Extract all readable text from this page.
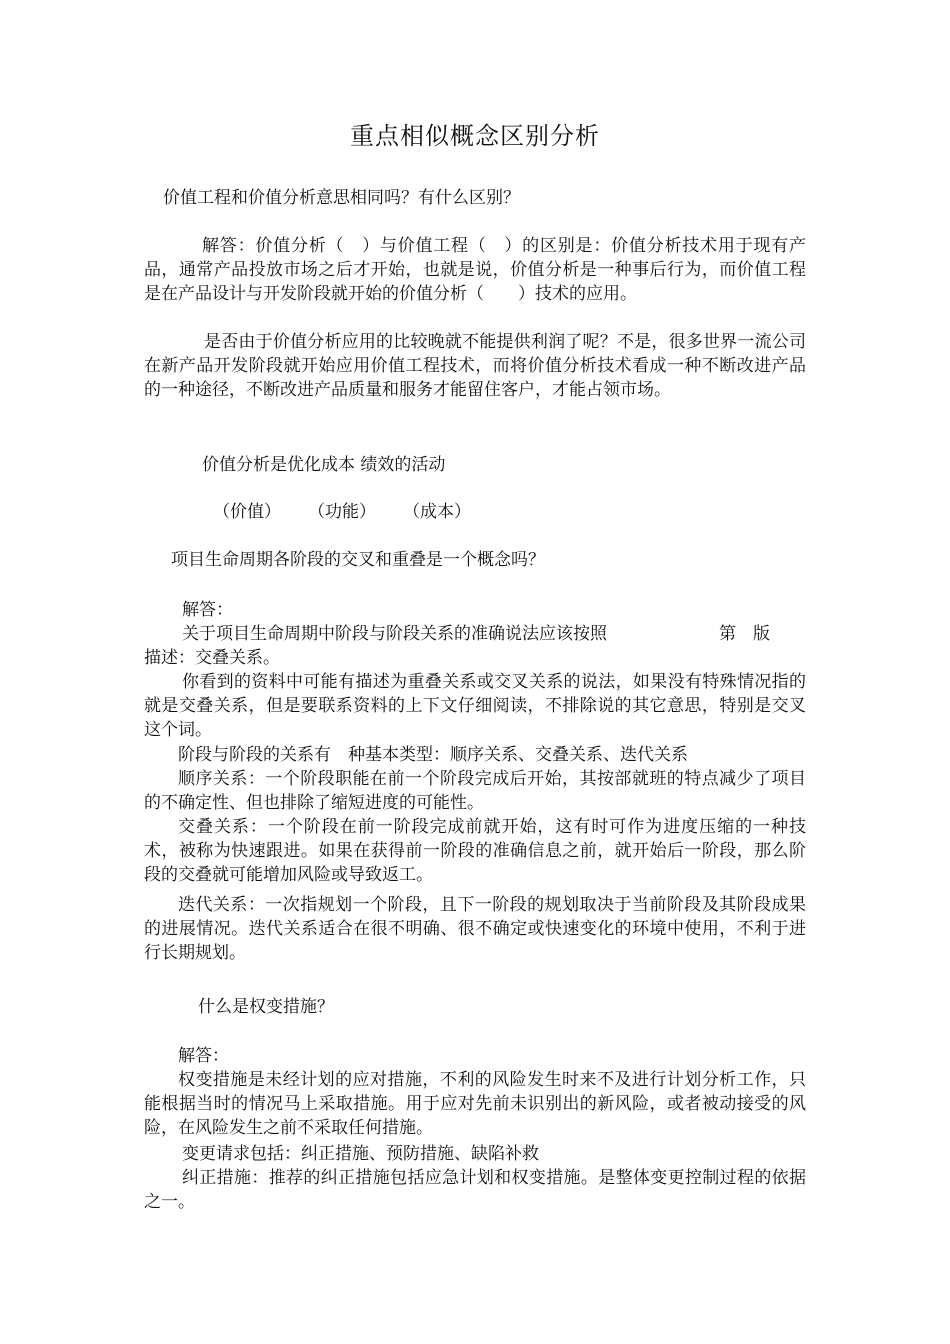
重点相似概念区别分析
价值工程和价值分析意思相同吗？有什么区别？
解答：价值分析（　）与价值工程（　）的区别是：价值分析技术用于现有产品，通常产品投放市场之后才开始，也就是说，价值分析是一种事后行为，而价值工程是在产品设计与开发阶段就开始的价值分析（　　）技术的应用。
是否由于价值分析应用的比较晚就不能提供利润了呢？不是，很多世界一流公司在新产品开发阶段就开始应用价值工程技术，而将价值分析技术看成一种不断改进产品的一种途径，不断改进产品质量和服务才能留住客户，才能占领市场。
价值分析是优化成本 绩效的活动
（价值） （功能） （成本）
项目生命周期各阶段的交叉和重叠是一个概念吗？
解答：
关于项目生命周期中阶段与阶段关系的准确说法应该按照	第　版
描述：交叠关系。
你看到的资料中可能有描述为重叠关系或交叉关系的说法，如果没有特殊情况指的就是交叠关系，但是要联系资料的上下文仔细阅读，不排除说的其它意思，特别是交叉这个词。
阶段与阶段的关系有　种基本类型：顺序关系、交叠关系、迭代关系
顺序关系：一个阶段职能在前一个阶段完成后开始，其按部就班的特点减少了项目的不确定性、但也排除了缩短进度的可能性。
交叠关系：一个阶段在前一阶段完成前就开始，这有时可作为进度压缩的一种技术，被称为快速跟进。如果在获得前一阶段的准确信息之前，就开始后一阶段，那么阶段的交叠就可能增加风险或导致返工。
迭代关系：一次指规划一个阶段，且下一阶段的规划取决于当前阶段及其阶段成果的进展情况。迭代关系适合在很不明确、很不确定或快速变化的环境中使用，不利于进行长期规划。
什么是权变措施？
解答：
权变措施是未经计划的应对措施，不利的风险发生时来不及进行计划分析工作，只能根据当时的情况马上采取措施。用于应对先前未识别出的新风险，或者被动接受的风险，在风险发生之前不采取任何措施。
变更请求包括：纠正措施、预防措施、缺陷补救
纠正措施：推荐的纠正措施包括应急计划和权变措施。是整体变更控制过程的依据之一。
